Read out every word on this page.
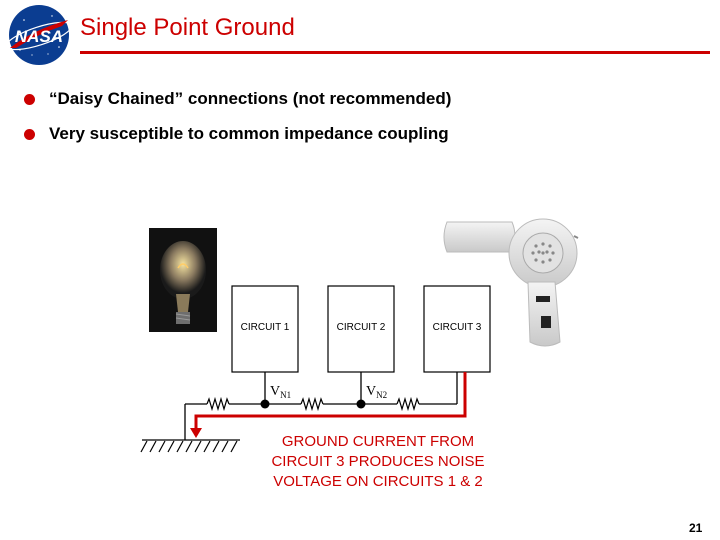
NASA Single Point Ground
“Daisy Chained” connections (not recommended)
Very susceptible to common impedance coupling
CIRCUIT 1	CIRCUIT 2	CIRCUIT 3
VN1	VN2
GROUND CURRENT FROM
CIRCUIT 3 PRODUCES NOISE
VOLTAGE ON CIRCUITS 1 & 2
21
